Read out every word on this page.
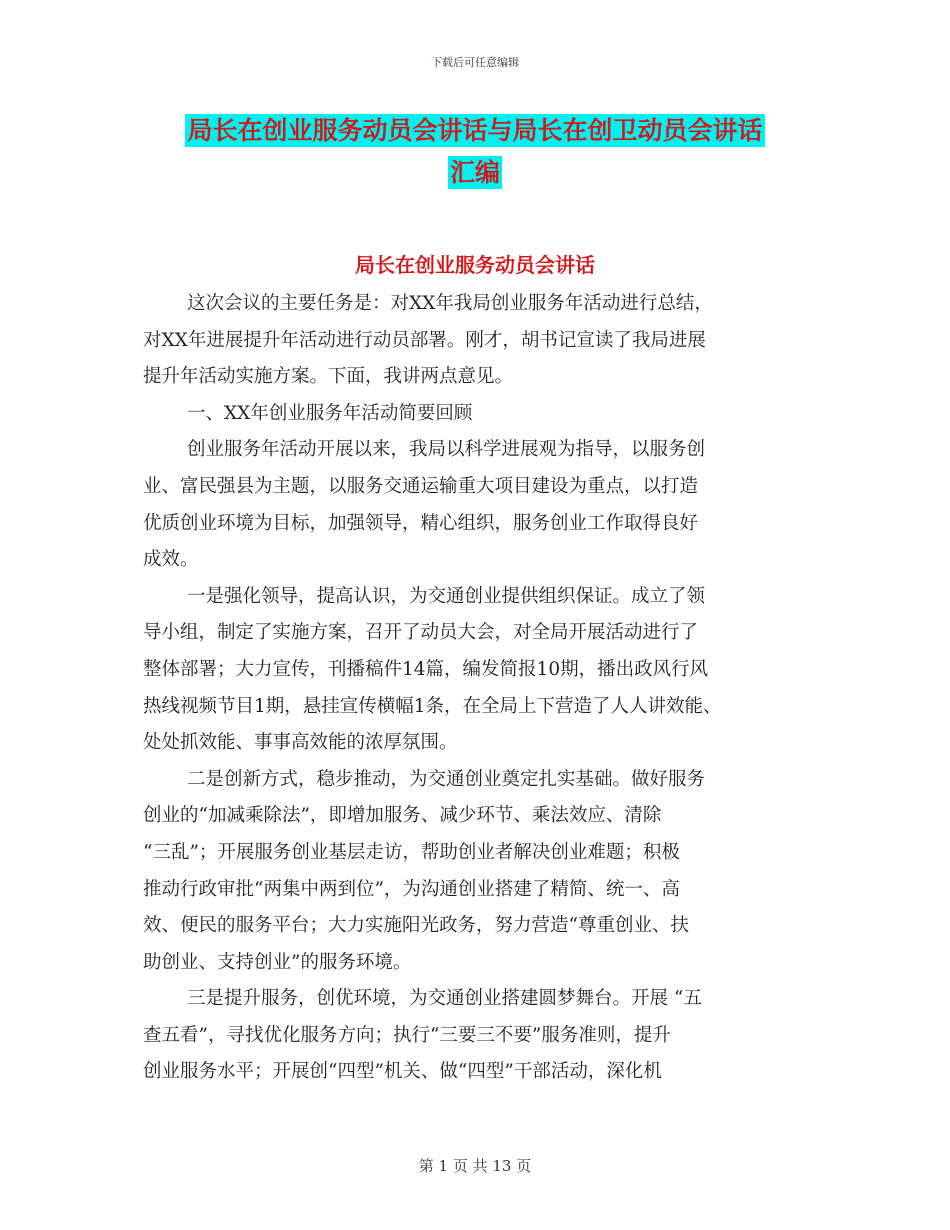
下载后可任意编辑
局长在创业服务动员会讲话与局长在创卫动员会讲话
汇编
局长在创业服务动员会讲话
这次会议的主要任务是：对XX年我局创业服务年活动进行总结，
对XX年进展提升年活动进行动员部署。刚才，胡书记宣读了我局进展
提升年活动实施方案。下面，我讲两点意见。
一、XX年创业服务年活动简要回顾
创业服务年活动开展以来，我局以科学进展观为指导，以服务创
业、富民强县为主题，以服务交通运输重大项目建设为重点，以打造
优质创业环境为目标，加强领导，精心组织，服务创业工作取得良好
成效。
一是强化领导，提高认识，为交通创业提供组织保证。成立了领
导小组，制定了实施方案，召开了动员大会，对全局开展活动进行了
整体部署；大力宣传，刊播稿件14篇，编发简报10期，播出政风行风
热线视频节目1期，悬挂宣传横幅1条，在全局上下营造了人人讲效能、
处处抓效能、事事高效能的浓厚氛围。
二是创新方式，稳步推动，为交通创业奠定扎实基础。做好服务
创业的“加减乘除法”，即增加服务、减少环节、乘法效应、清除
“三乱”；开展服务创业基层走访，帮助创业者解决创业难题；积极
推动行政审批“两集中两到位”，为沟通创业搭建了精简、统一、高
效、便民的服务平台；大力实施阳光政务，努力营造“尊重创业、扶
助创业、支持创业”的服务环境。
三是提升服务，创优环境，为交通创业搭建圆梦舞台。开展 “五
查五看”，寻找优化服务方向；执行“三要三不要”服务准则，提升
创业服务水平；开展创“四型”机关、做“四型”干部活动，深化机
第 1 页 共 13 页
